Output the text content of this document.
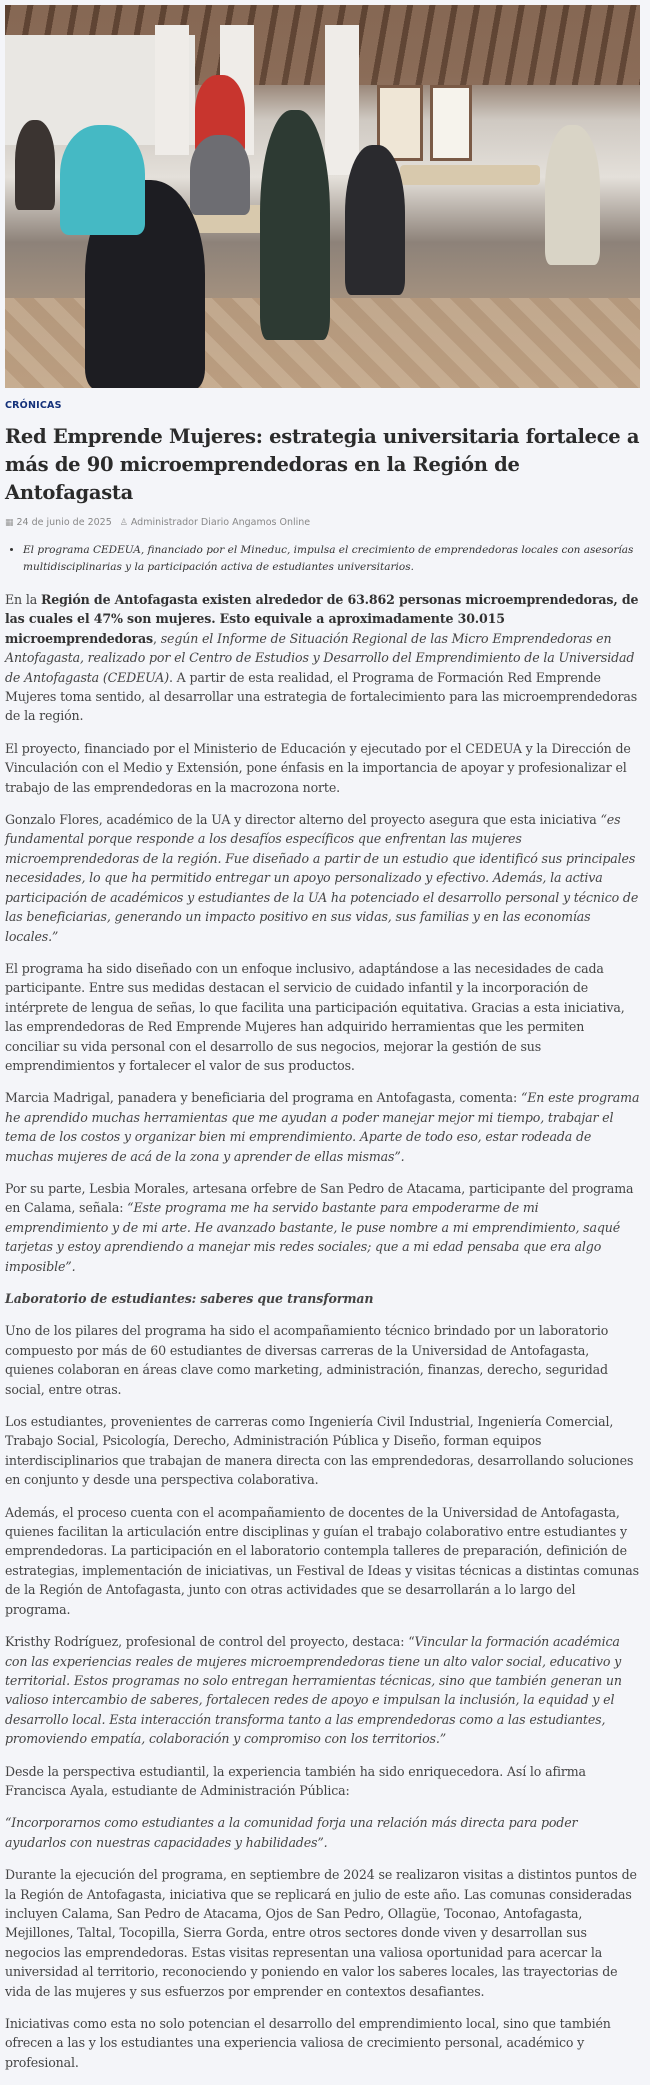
CRÓNICAS
Red Emprende Mujeres: estrategia universitaria fortalece a más de 90 microemprendedoras en la Región de Antofagasta
▦ 24 de junio de 2025 ♙ Administrador Diario Angamos Online
• El programa CEDEUA, financiado por el Mineduc, impulsa el crecimiento de emprendedoras locales con asesorías multidisciplinarias y la participación activa de estudiantes universitarios.

En la Región de Antofagasta existen alrededor de 63.862 personas microemprendedoras, de las cuales el 47% son mujeres. Esto equivale a aproximadamente 30.015 microemprendedoras, según el Informe de Situación Regional de las Micro Emprendedoras en Antofagasta, realizado por el Centro de Estudios y Desarrollo del Emprendimiento de la Universidad de Antofagasta (CEDEUA). A partir de esta realidad, el Programa de Formación Red Emprende Mujeres toma sentido, al desarrollar una estrategia de fortalecimiento para las microemprendedoras de la región.

El proyecto, financiado por el Ministerio de Educación y ejecutado por el CEDEUA y la Dirección de Vinculación con el Medio y Extensión, pone énfasis en la importancia de apoyar y profesionalizar el trabajo de las emprendedoras en la macrozona norte.

Gonzalo Flores, académico de la UA y director alterno del proyecto asegura que esta iniciativa “es fundamental porque responde a los desafíos específicos que enfrentan las mujeres microemprendedoras de la región. Fue diseñado a partir de un estudio que identificó sus principales necesidades, lo que ha permitido entregar un apoyo personalizado y efectivo. Además, la activa participación de académicos y estudiantes de la UA ha potenciado el desarrollo personal y técnico de las beneficiarias, generando un impacto positivo en sus vidas, sus familias y en las economías locales.”

El programa ha sido diseñado con un enfoque inclusivo, adaptándose a las necesidades de cada participante. Entre sus medidas destacan el servicio de cuidado infantil y la incorporación de intérprete de lengua de señas, lo que facilita una participación equitativa. Gracias a esta iniciativa, las emprendedoras de Red Emprende Mujeres han adquirido herramientas que les permiten conciliar su vida personal con el desarrollo de sus negocios, mejorar la gestión de sus emprendimientos y fortalecer el valor de sus productos.

Marcia Madrigal, panadera y beneficiaria del programa en Antofagasta, comenta: “En este programa he aprendido muchas herramientas que me ayudan a poder manejar mejor mi tiempo, trabajar el tema de los costos y organizar bien mi emprendimiento. Aparte de todo eso, estar rodeada de muchas mujeres de acá de la zona y aprender de ellas mismas”.

Por su parte, Lesbia Morales, artesana orfebre de San Pedro de Atacama, participante del programa en Calama, señala: “Este programa me ha servido bastante para empoderarme de mi emprendimiento y de mi arte. He avanzado bastante, le puse nombre a mi emprendimiento, saqué tarjetas y estoy aprendiendo a manejar mis redes sociales; que a mi edad pensaba que era algo imposible”.

Laboratorio de estudiantes: saberes que transforman

Uno de los pilares del programa ha sido el acompañamiento técnico brindado por un laboratorio compuesto por más de 60 estudiantes de diversas carreras de la Universidad de Antofagasta, quienes colaboran en áreas clave como marketing, administración, finanzas, derecho, seguridad social, entre otras.

Los estudiantes, provenientes de carreras como Ingeniería Civil Industrial, Ingeniería Comercial, Trabajo Social, Psicología, Derecho, Administración Pública y Diseño, forman equipos interdisciplinarios que trabajan de manera directa con las emprendedoras, desarrollando soluciones en conjunto y desde una perspectiva colaborativa.

Además, el proceso cuenta con el acompañamiento de docentes de la Universidad de Antofagasta, quienes facilitan la articulación entre disciplinas y guían el trabajo colaborativo entre estudiantes y emprendedoras. La participación en el laboratorio contempla talleres de preparación, definición de estrategias, implementación de iniciativas, un Festival de Ideas y visitas técnicas a distintas comunas de la Región de Antofagasta, junto con otras actividades que se desarrollarán a lo largo del programa.

Kristhy Rodríguez, profesional de control del proyecto, destaca: “Vincular la formación académica con las experiencias reales de mujeres microemprendedoras tiene un alto valor social, educativo y territorial. Estos programas no solo entregan herramientas técnicas, sino que también generan un valioso intercambio de saberes, fortalecen redes de apoyo e impulsan la inclusión, la equidad y el desarrollo local. Esta interacción transforma tanto a las emprendedoras como a las estudiantes, promoviendo empatía, colaboración y compromiso con los territorios.”

Desde la perspectiva estudiantil, la experiencia también ha sido enriquecedora. Así lo afirma Francisca Ayala, estudiante de Administración Pública:

“Incorporarnos como estudiantes a la comunidad forja una relación más directa para poder ayudarlos con nuestras capacidades y habilidades”.

Durante la ejecución del programa, en septiembre de 2024 se realizaron visitas a distintos puntos de la Región de Antofagasta, iniciativa que se replicará en julio de este año. Las comunas consideradas incluyen Calama, San Pedro de Atacama, Ojos de San Pedro, Ollagüe, Toconao, Antofagasta, Mejillones, Taltal, Tocopilla, Sierra Gorda, entre otros sectores donde viven y desarrollan sus negocios las emprendedoras. Estas visitas representan una valiosa oportunidad para acercar la universidad al territorio, reconociendo y poniendo en valor los saberes locales, las trayectorias de vida de las mujeres y sus esfuerzos por emprender en contextos desafiantes.

Iniciativas como esta no solo potencian el desarrollo del emprendimiento local, sino que también ofrecen a las y los estudiantes una experiencia valiosa de crecimiento personal, académico y profesional.
